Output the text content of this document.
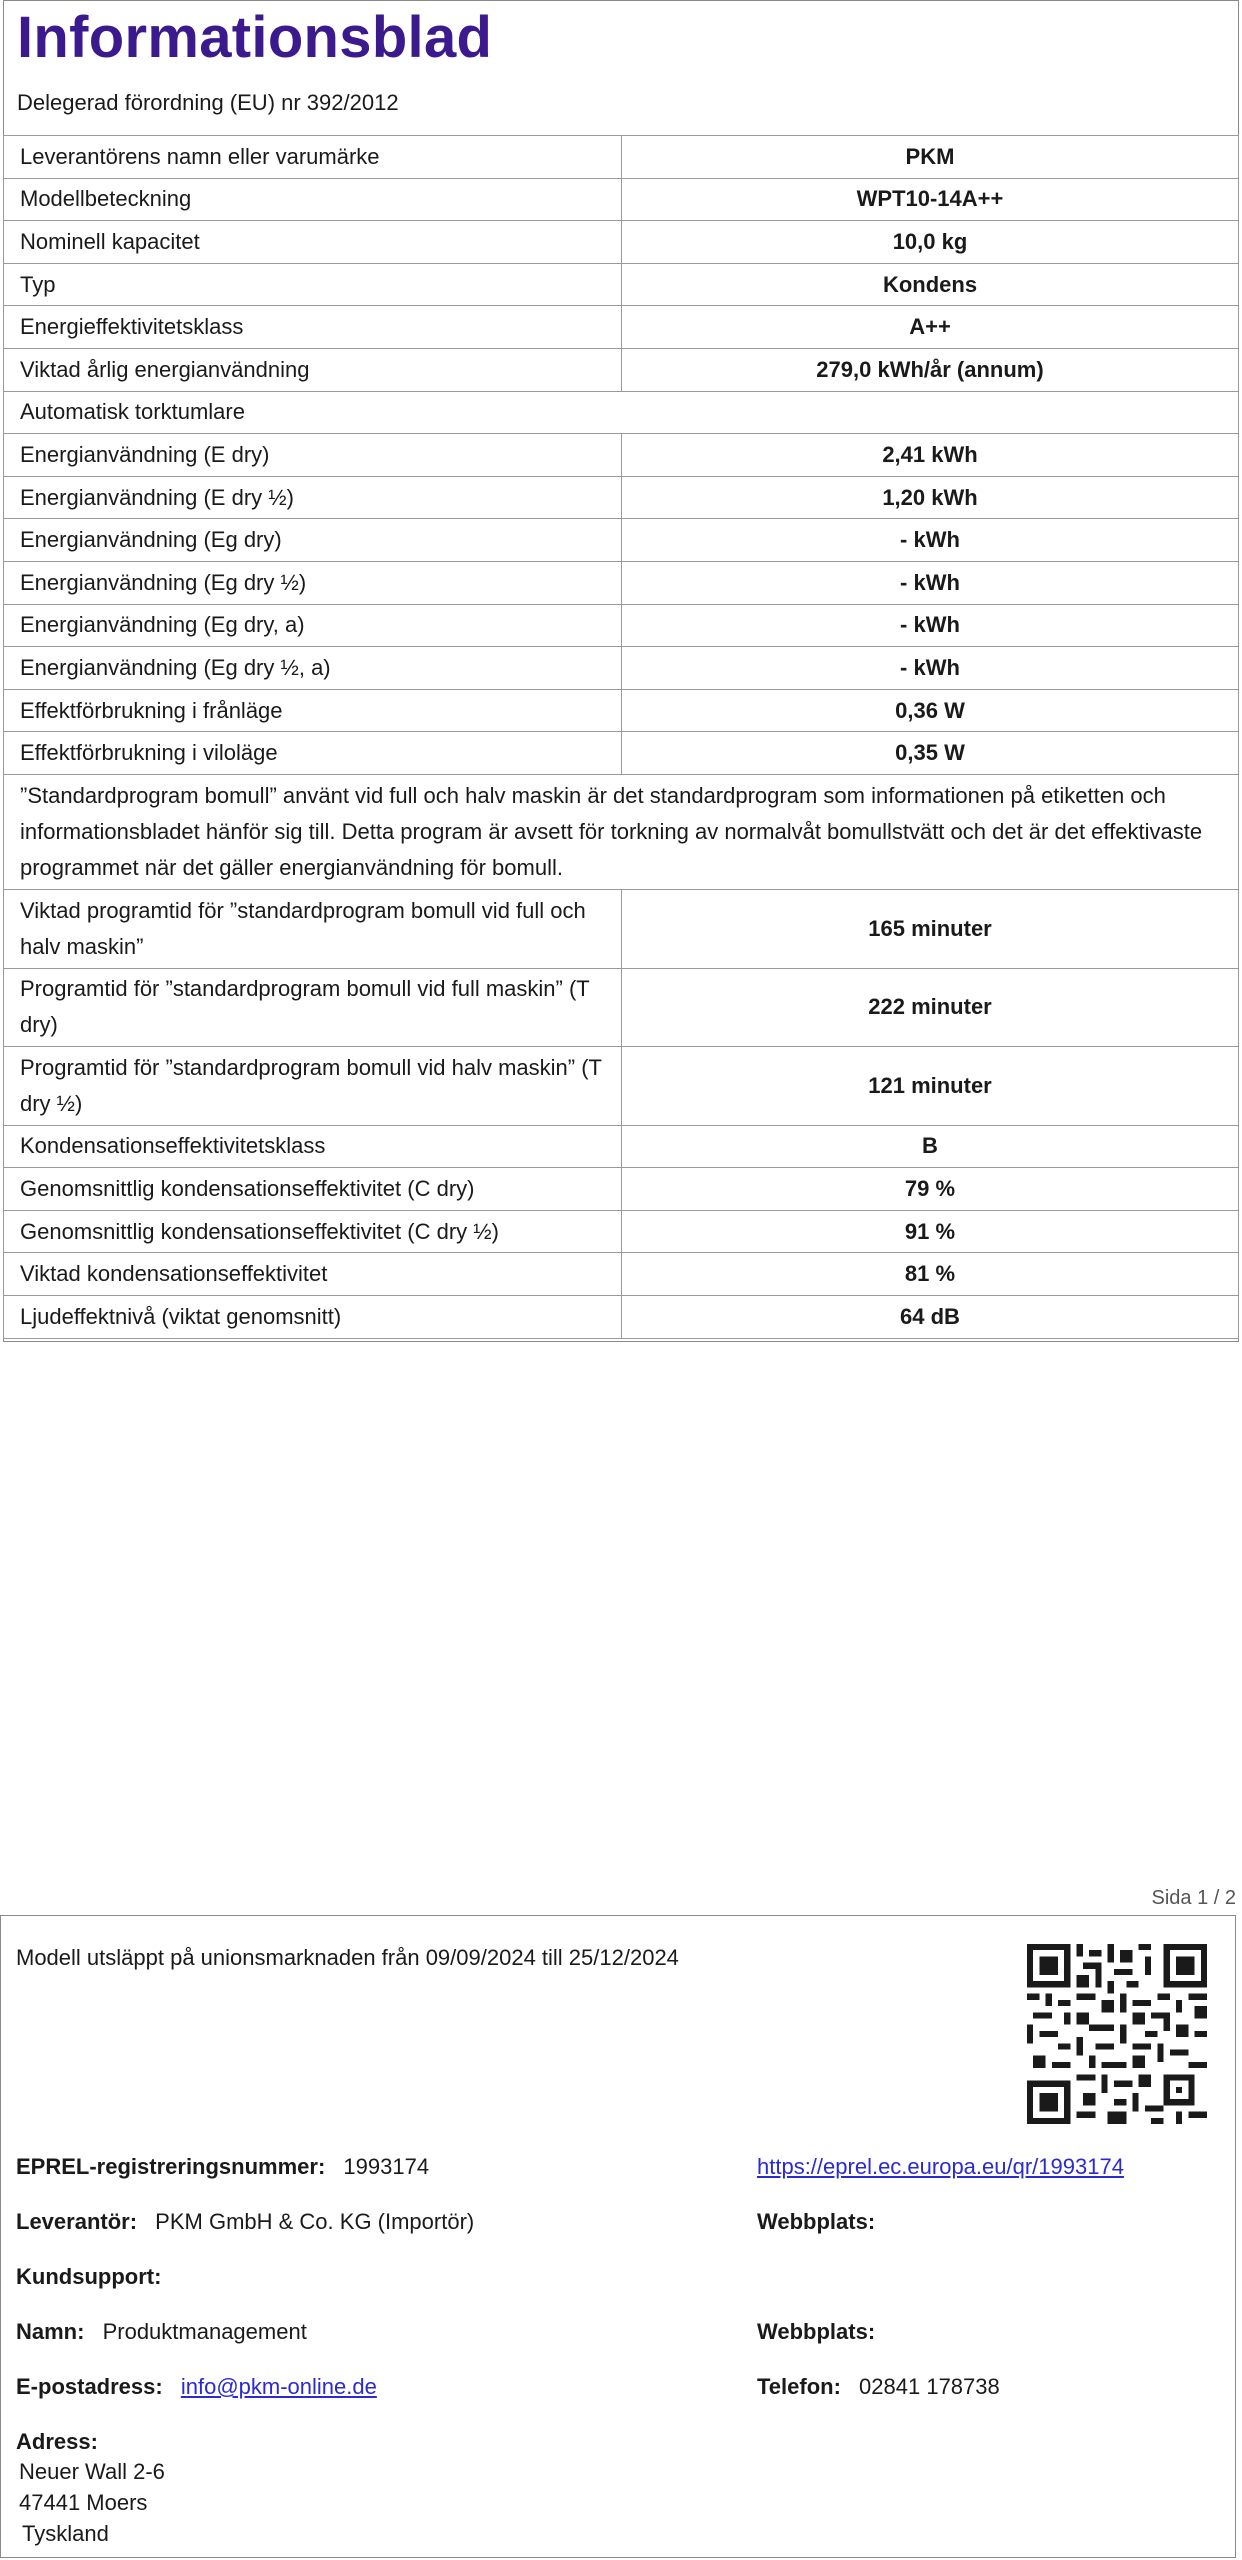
Informationsblad
Delegerad förordning (EU) nr 392/2012
Leverantörens namn eller varumärke	PKM
Modellbeteckning	WPT10-14A++
Nominell kapacitet	10,0 kg
Typ	Kondens
Energieffektivitetsklass	A++
Viktad årlig energianvändning	279,0 kWh/år (annum)
Automatisk torktumlare	
Energianvändning (E dry)	2,41 kWh
Energianvändning (E dry ½)	1,20 kWh
Energianvändning (Eg dry)	- kWh
Energianvändning (Eg dry ½)	- kWh
Energianvändning (Eg dry, a)	- kWh
Energianvändning (Eg dry ½, a)	- kWh
Effektförbrukning i frånläge	0,36 W
Effektförbrukning i viloläge	0,35 W
”Standardprogram bomull” använt vid full och halv maskin är det standardprogram som informationen på etiketten och informationsbladet hänför sig till. Detta program är avsett för torkning av normalvåt bomullstvätt och det är det effektivaste programmet när det gäller energianvändning för bomull.	
Viktad programtid för ”standardprogram bomull vid full och halv maskin”	165 minuter
Programtid för ”standardprogram bomull vid full maskin” (T dry)	222 minuter
Programtid för ”standardprogram bomull vid halv maskin” (T dry ½)	121 minuter
Kondensationseffektivitetsklass	B
Genomsnittlig kondensationseffektivitet (C dry)	79 %
Genomsnittlig kondensationseffektivitet (C dry ½)	91 %
Viktad kondensationseffektivitet	81 %
Ljudeffektnivå (viktat genomsnitt)	64 dB
Sida 1 / 2
Modell utsläppt på unionsmarknaden från 09/09/2024 till 25/12/2024
EPREL-registreringsnummer: 1993174	https://eprel.ec.europa.eu/qr/1993174
Leverantör: PKM GmbH & Co. KG (Importör)	Webbplats:
Kundsupport:
Namn: Produktmanagement	Webbplats:
E-postadress: info@pkm-online.de	Telefon: 02841 178738
Adress:
Neuer Wall 2-6
47441 Moers
Tyskland
